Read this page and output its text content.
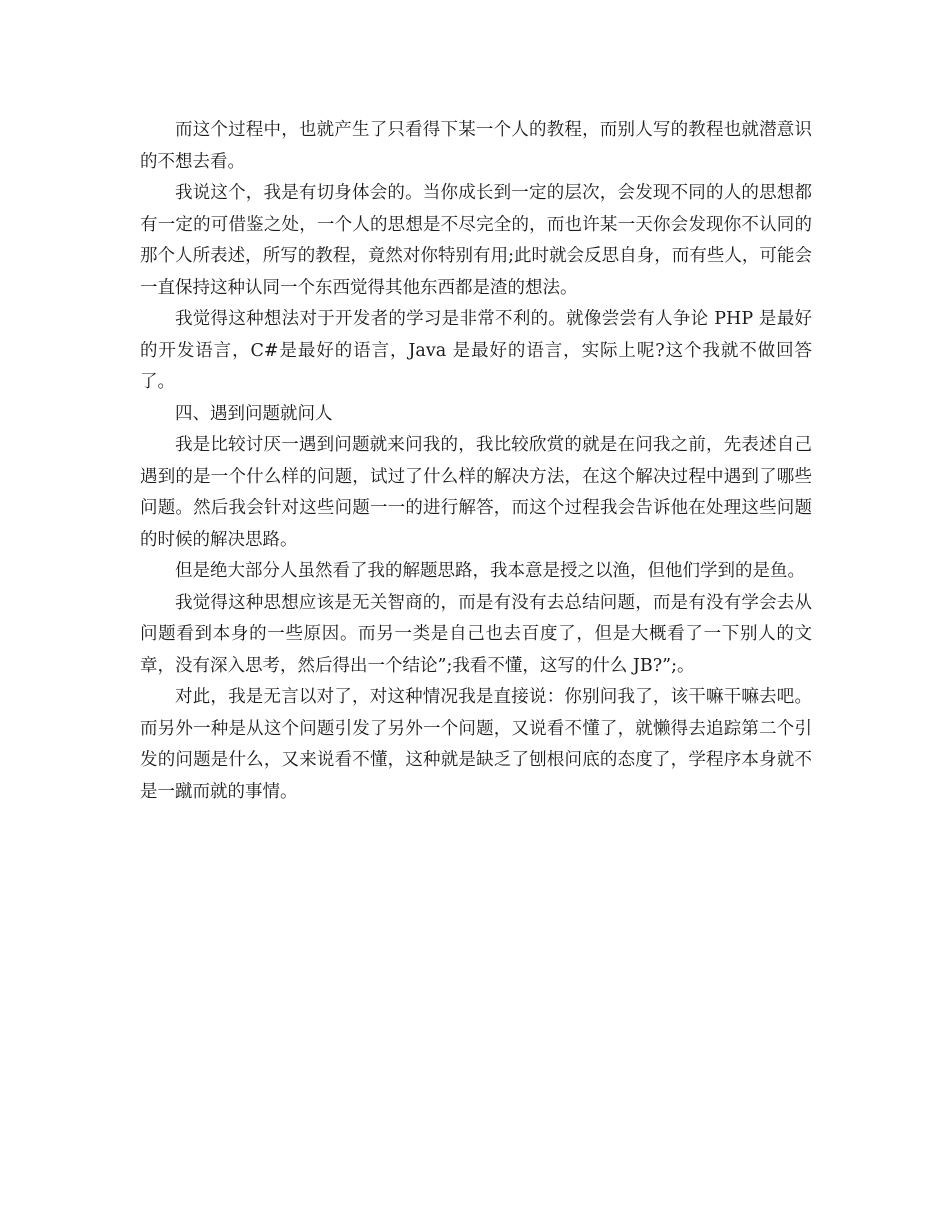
而这个过程中，也就产生了只看得下某一个人的教程，而别人写的教程也就潜意识的不想去看。

我说这个，我是有切身体会的。当你成长到一定的层次，会发现不同的人的思想都有一定的可借鉴之处，一个人的思想是不尽完全的，而也许某一天你会发现你不认同的那个人所表述，所写的教程，竟然对你特别有用;此时就会反思自身，而有些人，可能会一直保持这种认同一个东西觉得其他东西都是渣的想法。

我觉得这种想法对于开发者的学习是非常不利的。就像尝尝有人争论 PHP 是最好的开发语言，C#是最好的语言，Java 是最好的语言，实际上呢?这个我就不做回答了。

四、遇到问题就问人

我是比较讨厌一遇到问题就来问我的，我比较欣赏的就是在问我之前，先表述自己遇到的是一个什么样的问题，试过了什么样的解决方法，在这个解决过程中遇到了哪些问题。然后我会针对这些问题一一的进行解答，而这个过程我会告诉他在处理这些问题的时候的解决思路。

但是绝大部分人虽然看了我的解题思路，我本意是授之以渔，但他们学到的是鱼。

我觉得这种思想应该是无关智商的，而是有没有去总结问题，而是有没有学会去从问题看到本身的一些原因。而另一类是自己也去百度了，但是大概看了一下别人的文章，没有深入思考，然后得出一个结论”;我看不懂，这写的什么 JB?”;。

对此，我是无言以对了，对这种情况我是直接说：你别问我了，该干嘛干嘛去吧。而另外一种是从这个问题引发了另外一个问题，又说看不懂了，就懒得去追踪第二个引发的问题是什么，又来说看不懂，这种就是缺乏了刨根问底的态度了，学程序本身就不是一蹴而就的事情。
